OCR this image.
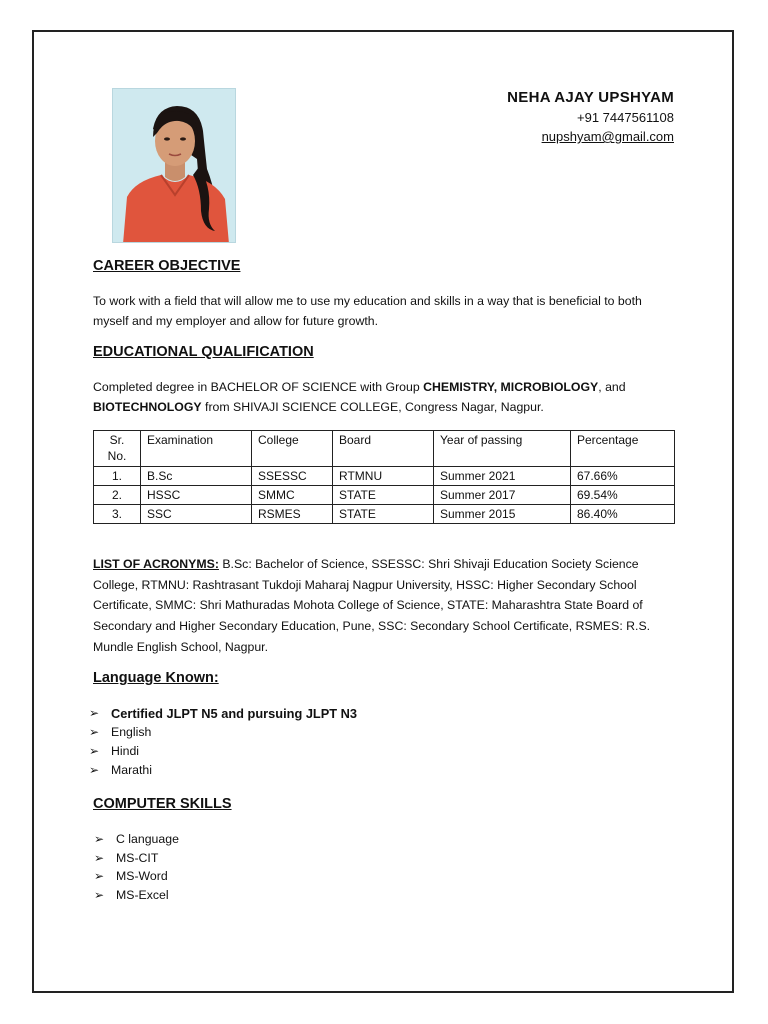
NEHA AJAY UPSHYAM
+91 7447561108
nupshyam@gmail.com
CAREER OBJECTIVE
To work with a field that will allow me to use my education and skills in a way that is beneficial to both myself and my employer and allow for future growth.
EDUCATIONAL QUALIFICATION
Completed degree in BACHELOR OF SCIENCE with Group CHEMISTRY, MICROBIOLOGY, and BIOTECHNOLOGY from SHIVAJI SCIENCE COLLEGE, Congress Nagar, Nagpur.
Sr. No.	Examination	College	Board	Year of passing	Percentage
1.	B.Sc	SSESSC	RTMNU	Summer 2021	67.66%
2.	HSSC	SMMC	STATE	Summer 2017	69.54%
3.	SSC	RSMES	STATE	Summer 2015	86.40%
LIST OF ACRONYMS: B.Sc: Bachelor of Science, SSESSC: Shri Shivaji Education Society Science College, RTMNU: Rashtrasant Tukdoji Maharaj Nagpur University, HSSC: Higher Secondary School Certificate, SMMC: Shri Mathuradas Mohota College of Science, STATE: Maharashtra State Board of Secondary and Higher Secondary Education, Pune, SSC: Secondary School Certificate, RSMES: R.S. Mundle English School, Nagpur.
Language Known:
➢ Certified JLPT N5 and pursuing JLPT N3
➢ English
➢ Hindi
➢ Marathi
COMPUTER SKILLS
➢ C language
➢ MS-CIT
➢ MS-Word
➢ MS-Excel
